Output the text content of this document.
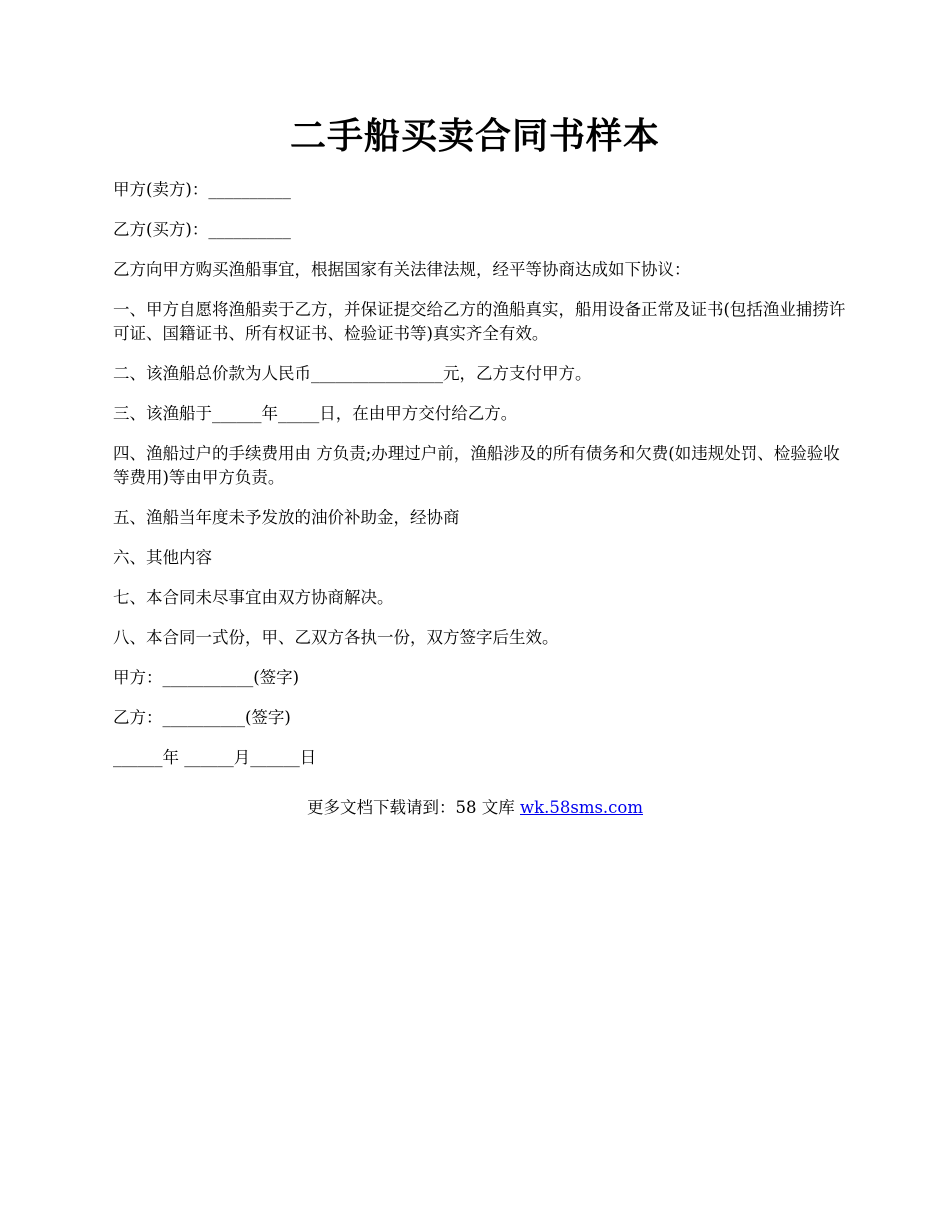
二手船买卖合同书样本

甲方(卖方)：__________

乙方(买方)：__________

乙方向甲方购买渔船事宜，根据国家有关法律法规，经平等协商达成如下协议：

一、甲方自愿将渔船卖于乙方，并保证提交给乙方的渔船真实，船用设备正常及证书(包括渔业捕捞许可证、国籍证书、所有权证书、检验证书等)真实齐全有效。

二、该渔船总价款为人民币________________元，乙方支付甲方。

三、该渔船于______年_____日，在由甲方交付给乙方。

四、渔船过户的手续费用由 方负责;办理过户前，渔船涉及的所有债务和欠费(如违规处罚、检验验收等费用)等由甲方负责。

五、渔船当年度未予发放的油价补助金，经协商

六、其他内容

七、本合同未尽事宜由双方协商解决。

八、本合同一式份，甲、乙双方各执一份，双方签字后生效。

甲方：___________(签字)

乙方：__________(签字)

______年 ______月______日

更多文档下载请到：58 文库 wk.58sms.com
